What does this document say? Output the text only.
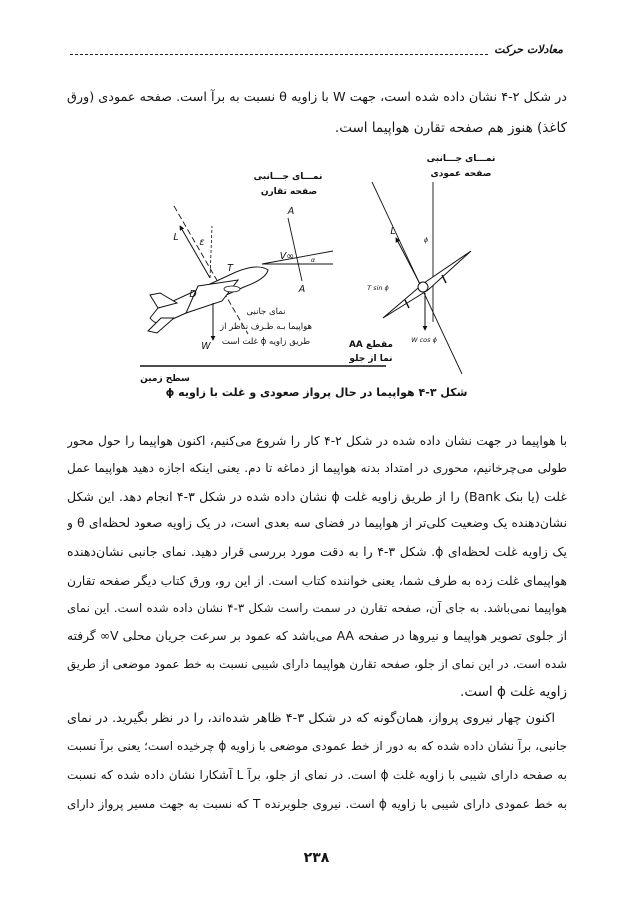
معادلات حرکت
در شکل ۲-۴ نشان داده شده است، جهت W با زاویه θ نسبت به برآ است. صفحه عمودی (ورق
کاغذ) هنوز هم صفحه تقارن هواپیما است.
نمـــای جـــانبی
صفحه تقارن
A
A
V∞	α
L ε
T
D
W
نمای جانبی
هواپیما بـه طـرف نـاظر از
طریق زاویه ϕ غلت است
سطح زمین
نمـــای جـــانبی
صفحه عمودی
L
ϕ
T sin ϕ
W cos ϕ
مقطع AA
نما از جلو
شکل ۳-۴ هواپیما در حال پرواز صعودی و غلت با زاویه ϕ
با هواپیما در جهت نشان داده شده در شکل ۲-۴ کار را شروع می‌کنیم، اکنون هواپیما را حول محور
طولی می‌چرخانیم، محوری در امتداد بدنه هواپیما از دماغه تا دم. یعنی اینکه اجازه دهید هواپیما عمل
غلت (یا بنک Bank) را از طریق زاویه غلت ϕ نشان داده شده در شکل ۳-۴ انجام دهد. این شکل
نشان‌دهنده یک وضعیت کلی‌تر از هواپیما در فضای سه بعدی است، در یک زاویه صعود لحظه‌ای θ و
یک زاویه غلت لحظه‌ای ϕ. شکل ۳-۴ را به دقت مورد بررسی قرار دهید. نمای جانبی نشان‌دهنده
هواپیمای غلت زده به طرف شما، یعنی خواننده کتاب است. از این رو، ورق کتاب دیگر صفحه تقارن
هواپیما نمی‌باشد. به جای آن، صفحه تقارن در سمت راست شکل ۳-۴ نشان داده شده است. این نمای
از جلوی تصویر هواپیما و نیروها در صفحه AA می‌باشد که عمود بر سرعت جریان محلی V∞ گرفته
شده است. در این نمای از جلو، صفحه تقارن هواپیما دارای شیبی نسبت به خط عمود موضعی از طریق
زاویه غلت ϕ است.
اکنون چهار نیروی پرواز، همان‌گونه که در شکل ۳-۴ ظاهر شده‌اند، را در نظر بگیرید. در نمای
جانبی، برآ نشان داده شده که به دور از خط عمودی موضعی با زاویه ϕ چرخیده است؛ یعنی برآ نسبت
به صفحه دارای شیبی با زاویه غلت ϕ است. در نمای از جلو، برآ L آشکارا نشان داده شده که نسبت
به خط عمودی دارای شیبی با زاویه ϕ است. نیروی جلوبرنده T که نسبت به جهت مسیر پرواز دارای
۲۳۸
